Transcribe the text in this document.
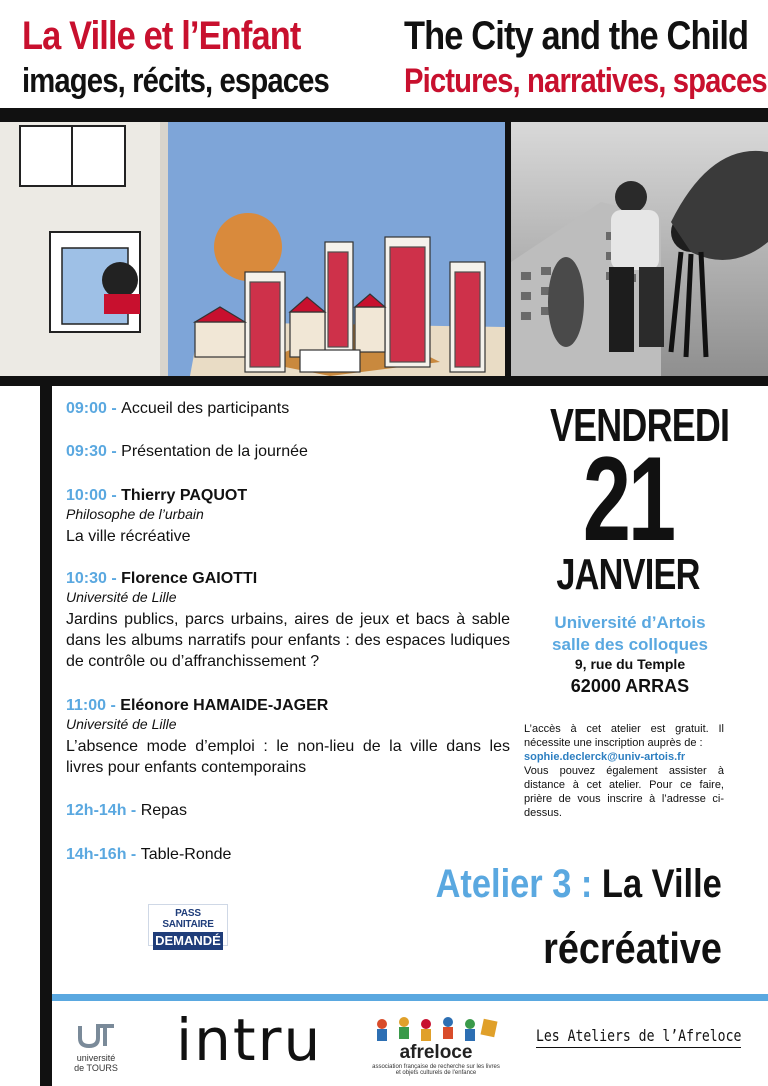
La Ville et l’Enfant
images, récits, espaces
The City and the Child
Pictures, narratives, spaces
09:00 - Accueil des participants
09:30 - Présentation de la journée
10:00 - Thierry PAQUOT
Philosophe de l’urbain
La ville récréative
10:30 - Florence GAIOTTI
Université de Lille
Jardins publics, parcs urbains, aires de jeux et bacs à sable dans les albums narratifs pour enfants : des espaces ludiques de contrôle ou d’affranchissement ?
11:00 - Eléonore HAMAIDE-JAGER
Université de Lille
L’absence mode d’emploi : le non-lieu de la ville dans les livres pour enfants contemporains
12h-14h - Repas
14h-16h - Table-Ronde
VENDREDI
21
JANVIER
Université d’Artois
salle des colloques
9, rue du Temple
62000 ARRAS
L’accès à cet atelier est gratuit. Il nécessite une inscription auprès de :
sophie.declerck@univ-artois.fr
Vous pouvez également assister à distance à cet atelier. Pour ce faire, prière de vous inscrire à l’adresse ci-dessus.
Atelier 3 : La Ville
récréative
PASS SANITAIRE
DEMANDÉ
université
de TOURS intru	afreloce
association française de recherche sur les livres et objets culturels de l'enfance
Les Ateliers de l’Afreloce
